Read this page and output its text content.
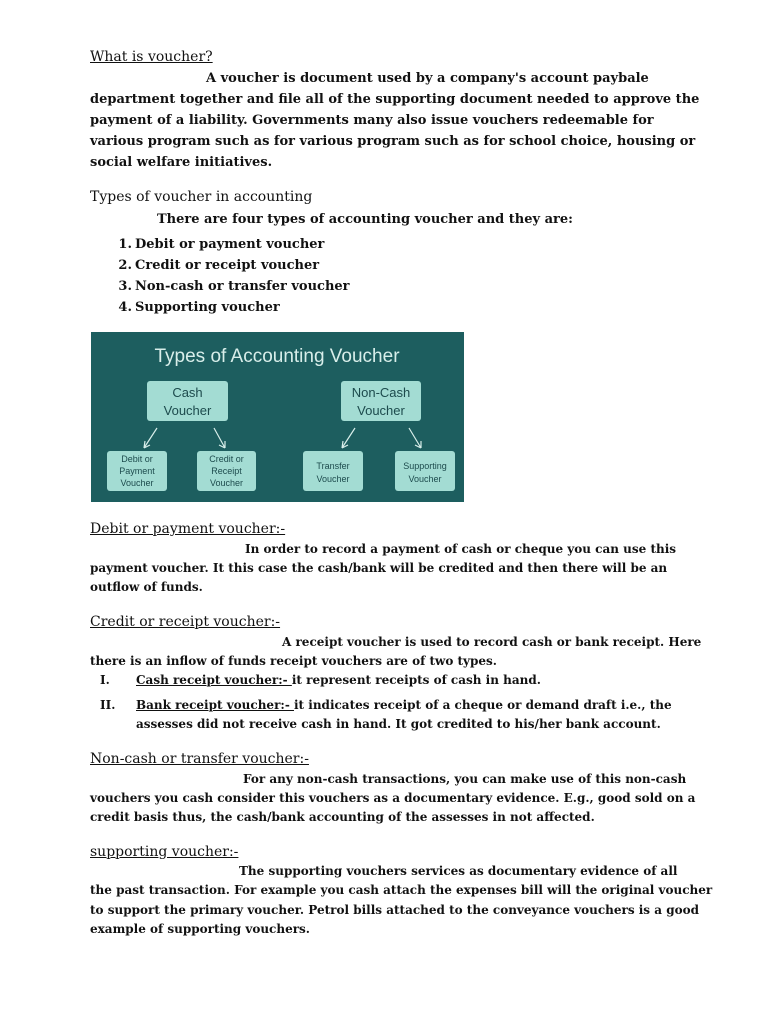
What is voucher?
A voucher is document used by a company's account paybale
department together and file all of the supporting document needed to approve the
payment of a liability. Governments many also issue vouchers redeemable for
various program such as for various program such as for school choice, housing or
social welfare initiatives.
Types of voucher in accounting
There are four types of accounting voucher and they are:
1. Debit or payment voucher
2. Credit or receipt voucher
3. Non-cash or transfer voucher
4. Supporting voucher
Types of Accounting Voucher
Cash
Voucher
Non-Cash
Voucher
Debit or
Payment
Voucher
Credit or
Receipt
Voucher
Transfer
Voucher
Supporting
Voucher
Debit or payment voucher:-
In order to record a payment of cash or cheque you can use this
payment voucher. It this case the cash/bank will be credited and then there will be an
outflow of funds.
Credit or receipt voucher:-
A receipt voucher is used to record cash or bank receipt. Here
there is an inflow of funds receipt vouchers are of two types.
I.	Cash receipt voucher:- it represent receipts of cash in hand.
II.	Bank receipt voucher:- it indicates receipt of a cheque or demand draft i.e., the
assesses did not receive cash in hand. It got credited to his/her bank account.
Non-cash or transfer voucher:-
For any non-cash transactions, you can make use of this non-cash
vouchers you cash consider this vouchers as a documentary evidence. E.g., good sold on a
credit basis thus, the cash/bank accounting of the assesses in not affected.
supporting voucher:-
The supporting vouchers services as documentary evidence of all
the past transaction. For example you cash attach the expenses bill will the original voucher
to support the primary voucher. Petrol bills attached to the conveyance vouchers is a good
example of supporting vouchers.
